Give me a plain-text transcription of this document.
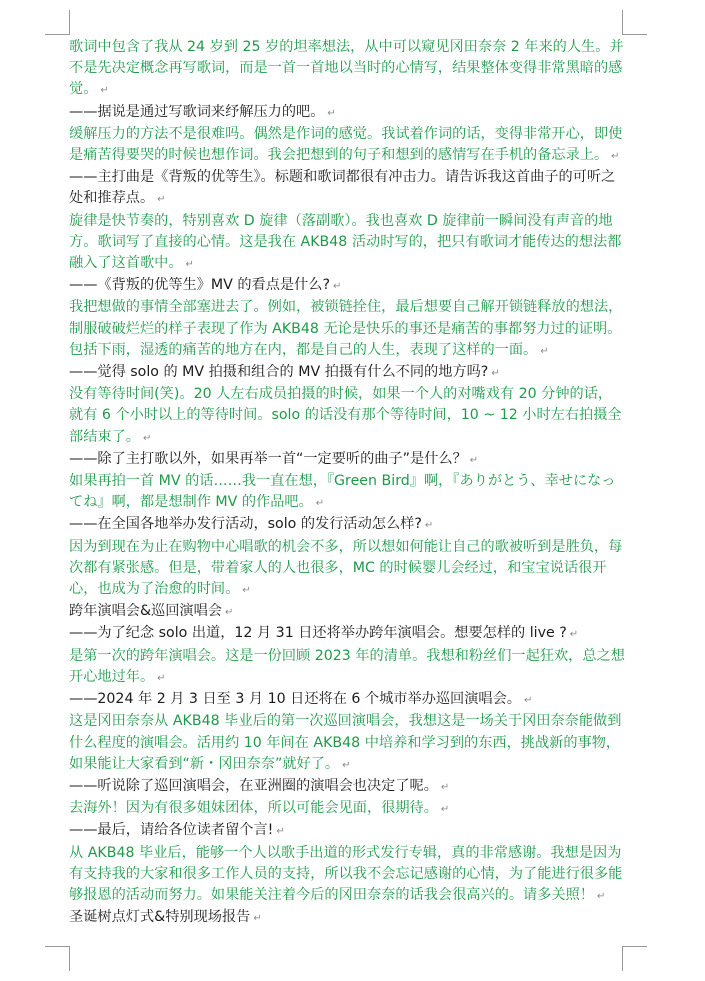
歌词中包含了我从 24 岁到 25 岁的坦率想法，从中可以窥见冈田奈奈 2 年来的人生。并不是先决定概念再写歌词，而是一首一首地以当时的心情写，结果整体变得非常黑暗的感觉。 ↵

——据说是通过写歌词来纾解压力的吧。 ↵

缓解压力的方法不是很难吗。偶然是作词的感觉。我试着作词的话，变得非常开心，即使是痛苦得要哭的时候也想作词。我会把想到的句子和想到的感情写在手机的备忘录上。 ↵

——主打曲是《背叛的优等生》。标题和歌词都很有冲击力。请告诉我这首曲子的可听之处和推荐点。 ↵

旋律是快节奏的，特别喜欢 D 旋律（落副歌）。我也喜欢 D 旋律前一瞬间没有声音的地方。歌词写了直接的心情。这是我在 AKB48 活动时写的，把只有歌词才能传达的想法都融入了这首歌中。 ↵

——《背叛的优等生》MV 的看点是什么? ↵

我把想做的事情全部塞进去了。例如，被锁链拴住，最后想要自己解开锁链释放的想法，制服破破烂烂的样子表现了作为 AKB48 无论是快乐的事还是痛苦的事都努力过的证明。包括下雨，湿透的痛苦的地方在内，都是自己的人生，表现了这样的一面。 ↵

——觉得 solo 的 MV 拍摄和组合的 MV 拍摄有什么不同的地方吗? ↵

没有等待时间(笑)。20 人左右成员拍摄的时候，如果一个人的对嘴戏有 20 分钟的话，就有 6 个小时以上的等待时间。solo 的话没有那个等待时间，10 ~ 12 小时左右拍摄全部结束了。 ↵

——除了主打歌以外，如果再举一首“一定要听的曲子”是什么？ ↵

如果再拍一首 MV 的话……我一直在想，『Green Bird』啊，『ありがとう、幸せになってね』啊，都是想制作 MV 的作品吧。 ↵

——在全国各地举办发行活动，solo 的发行活动怎么样? ↵

因为到现在为止在购物中心唱歌的机会不多，所以想如何能让自己的歌被听到是胜负，每次都有紧张感。但是，带着家人的人也很多，MC 的时候婴儿会经过，和宝宝说话很开心，也成为了治愈的时间。 ↵

跨年演唱会&巡回演唱会 ↵

——为了纪念 solo 出道，12 月 31 日还将举办跨年演唱会。想要怎样的 live ? ↵

是第一次的跨年演唱会。这是一份回顾 2023 年的清单。我想和粉丝们一起狂欢，总之想开心地过年。 ↵

——2024 年 2 月 3 日至 3 月 10 日还将在 6 个城市举办巡回演唱会。 ↵

这是冈田奈奈从 AKB48 毕业后的第一次巡回演唱会，我想这是一场关于冈田奈奈能做到什么程度的演唱会。活用约 10 年间在 AKB48 中培养和学习到的东西，挑战新的事物，如果能让大家看到“新・冈田奈奈”就好了。 ↵

——听说除了巡回演唱会，在亚洲圈的演唱会也决定了呢。 ↵

去海外！因为有很多姐妹团体，所以可能会见面，很期待。 ↵

——最后，请给各位读者留个言! ↵

从 AKB48 毕业后，能够一个人以歌手出道的形式发行专辑，真的非常感谢。我想是因为有支持我的大家和很多工作人员的支持，所以我不会忘记感谢的心情，为了能进行很多能够报恩的活动而努力。如果能关注着今后的冈田奈奈的话我会很高兴的。请多关照！ ↵

圣诞树点灯式&特别现场报告 ↵
